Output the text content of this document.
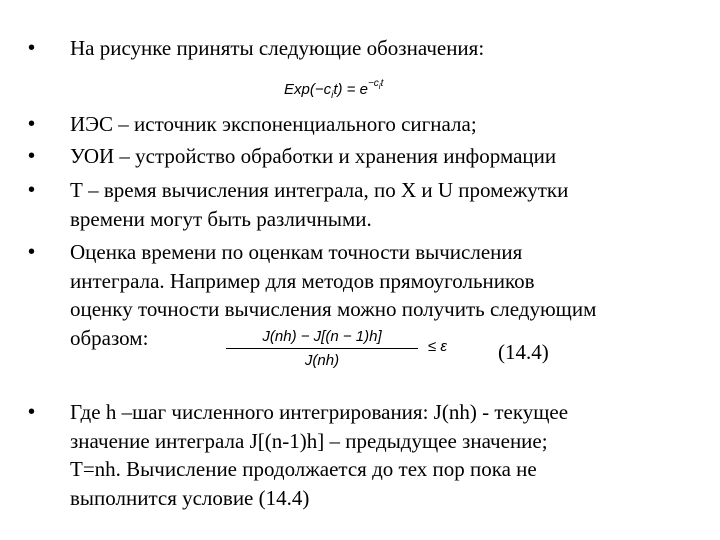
• На рисунке приняты следующие обозначения:
$Exp(-c_it) = e^{-c_it}$
• ИЭС – источник экспоненциального сигнала;
• УОИ – устройство обработки и хранения информации
• Т – время вычисления интеграла, по Х и U промежутки
времени могут быть различными.
• Оценка времени по оценкам точности вычисления
интеграла. Например для методов прямоугольников
оценку точности вычисления можно получить следующим
образом:	J(nh) − J[(n − 1)h]
J(nh)
≤ ε (14.4)
• Где h –шаг численного интегрирования: J(nh) - текущее
значение интеграла J[(n-1)h] – предыдущее значение;
T=nh. Вычисление продолжается до тех пор пока не
выполнится условие (14.4)
